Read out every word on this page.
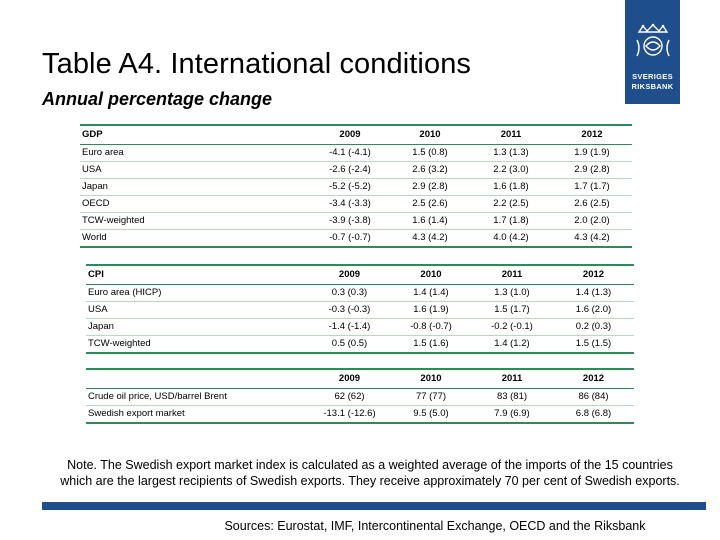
Table A4. International conditions
Annual percentage change
SVERIGES
RIKSBANK
GDP	2009	2010	2011	2012
Euro area	-4.1 (-4.1)	1.5 (0.8)	1.3 (1.3)	1.9 (1.9)
USA	-2.6 (-2.4)	2.6 (3.2)	2.2 (3.0)	2.9 (2.8)
Japan	-5.2 (-5.2)	2.9 (2.8)	1.6 (1.8)	1.7 (1.7)
OECD	-3.4 (-3.3)	2.5 (2.6)	2.2 (2.5)	2.6 (2.5)
TCW-weighted	-3.9 (-3.8)	1.6 (1.4)	1.7 (1.8)	2.0 (2.0)
World	-0.7 (-0.7)	4.3 (4.2)	4.0 (4.2)	4.3 (4.2)
CPI	2009	2010	2011	2012
Euro area (HICP)	0.3 (0.3)	1.4 (1.4)	1.3 (1.0)	1.4 (1.3)
USA	-0.3 (-0.3)	1.6 (1.9)	1.5 (1.7)	1.6 (2.0)
Japan	-1.4 (-1.4)	-0.8 (-0.7)	-0.2 (-0.1)	0.2 (0.3)
TCW-weighted	0.5 (0.5)	1.5 (1.6)	1.4 (1.2)	1.5 (1.5)
	2009	2010	2011	2012
Crude oil price, USD/barrel Brent	62 (62)	77 (77)	83 (81)	86 (84)
Swedish export market	-13.1 (-12.6)	9.5 (5.0)	7.9 (6.9)	6.8 (6.8)
Note. The Swedish export market index is calculated as a weighted average of the imports of the 15 countries
which are the largest recipients of Swedish exports. They receive approximately 70 per cent of Swedish exports.
Sources: Eurostat, IMF, Intercontinental Exchange, OECD and the Riksbank
